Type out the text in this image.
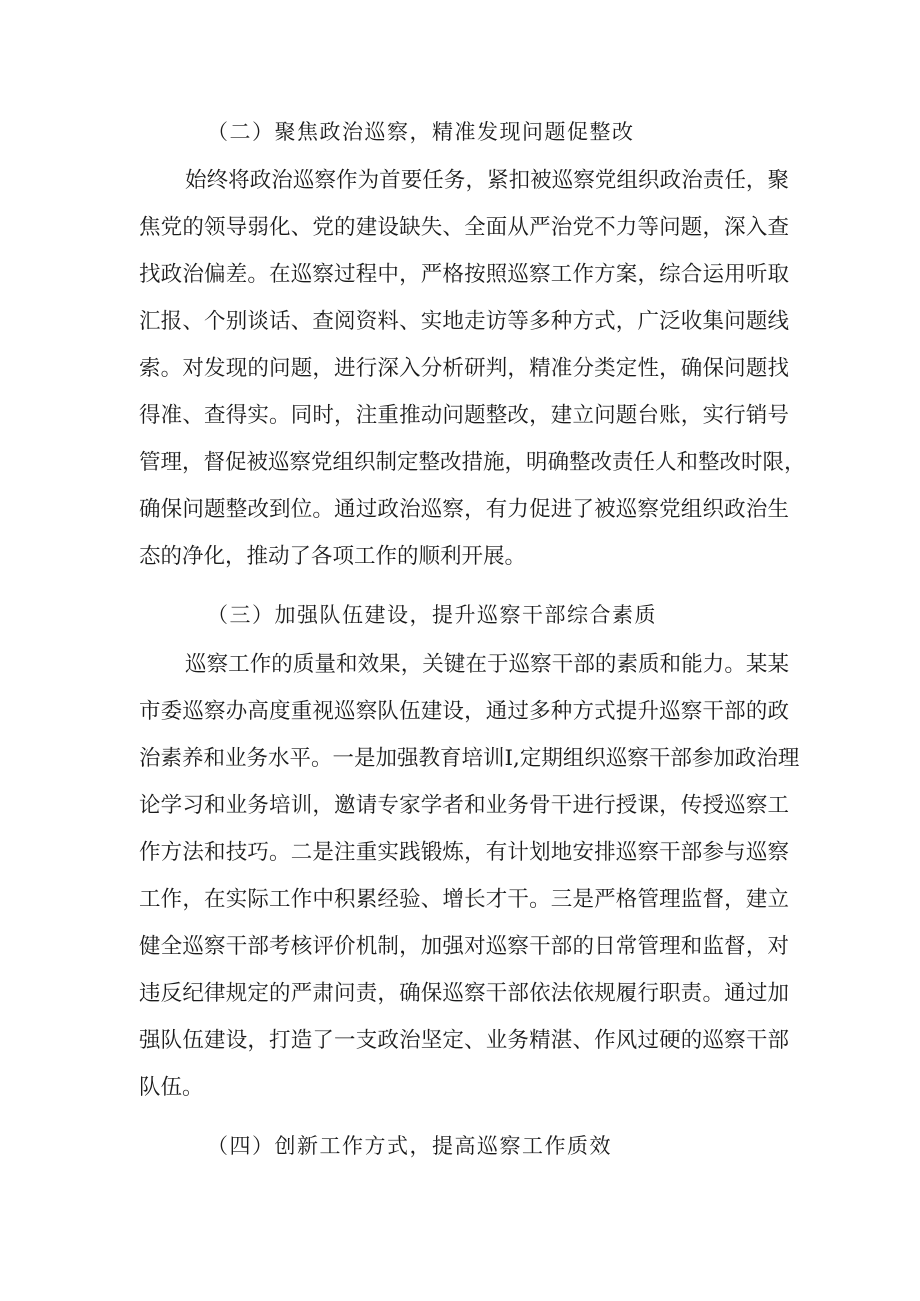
（二）聚焦政治巡察，精准发现问题促整改
始终将政治巡察作为首要任务，紧扣被巡察党组织政治责任，聚
焦党的领导弱化、党的建设缺失、全面从严治党不力等问题，深入查
找政治偏差。在巡察过程中，严格按照巡察工作方案，综合运用听取
汇报、个别谈话、查阅资料、实地走访等多种方式，广泛收集问题线
索。对发现的问题，进行深入分析研判，精准分类定性，确保问题找
得准、查得实。同时，注重推动问题整改，建立问题台账，实行销号
管理，督促被巡察党组织制定整改措施，明确整改责任人和整改时限，
确保问题整改到位。通过政治巡察，有力促进了被巡察党组织政治生
态的净化，推动了各项工作的顺利开展。
（三）加强队伍建设，提升巡察干部综合素质
巡察工作的质量和效果，关键在于巡察干部的素质和能力。某某
市委巡察办高度重视巡察队伍建设，通过多种方式提升巡察干部的政
治素养和业务水平。一是加强教育培训I,定期组织巡察干部参加政治理
论学习和业务培训，邀请专家学者和业务骨干进行授课，传授巡察工
作方法和技巧。二是注重实践锻炼，有计划地安排巡察干部参与巡察
工作，在实际工作中积累经验、增长才干。三是严格管理监督，建立
健全巡察干部考核评价机制，加强对巡察干部的日常管理和监督，对
违反纪律规定的严肃问责，确保巡察干部依法依规履行职责。通过加
强队伍建设，打造了一支政治坚定、业务精湛、作风过硬的巡察干部
队伍。
（四）创新工作方式，提高巡察工作质效
